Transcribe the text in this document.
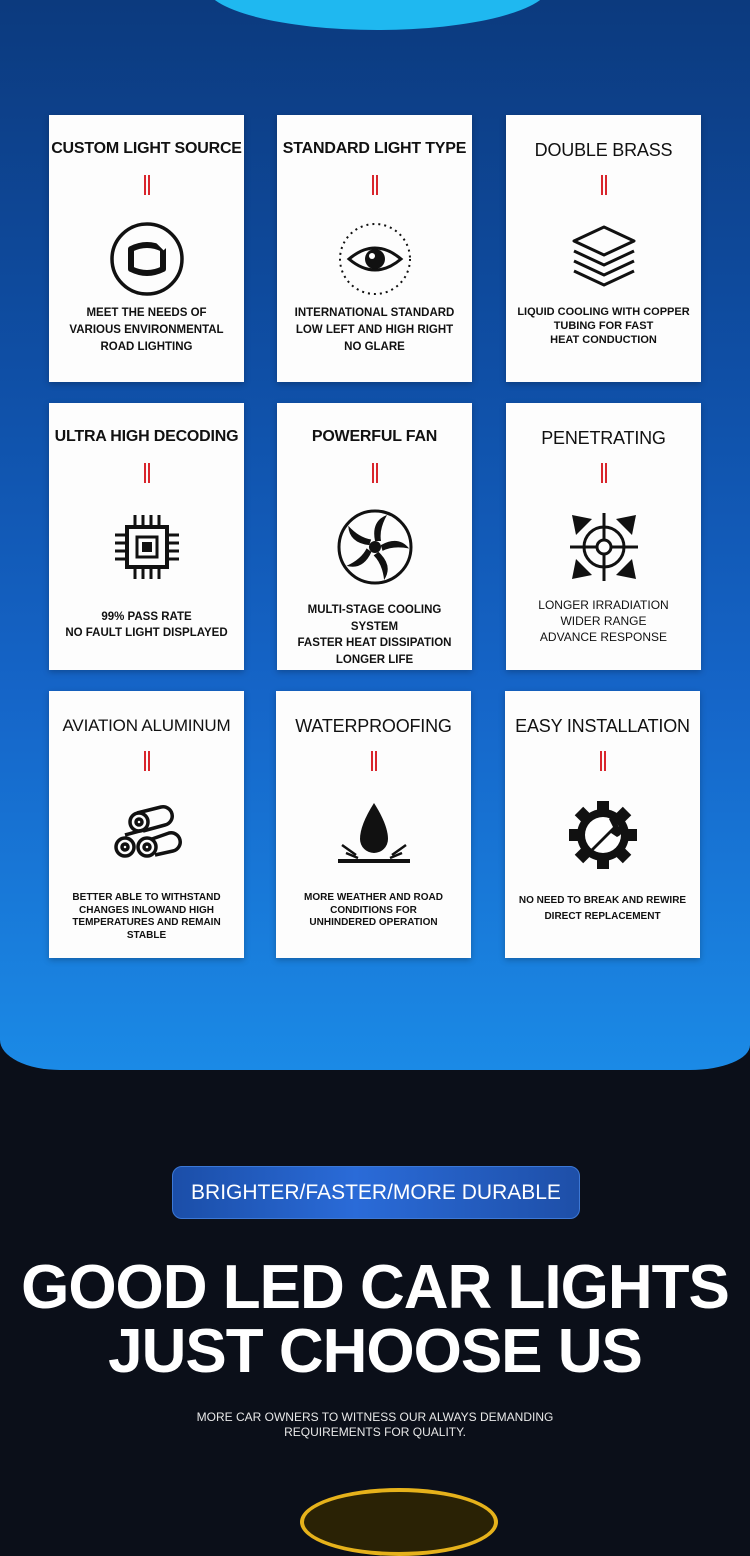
CUSTOM LIGHT SOURCE
MEET THE NEEDS OF
VARIOUS ENVIRONMENTAL
ROAD LIGHTING
STANDARD LIGHT TYPE
INTERNATIONAL STANDARD
LOW LEFT AND HIGH RIGHT
NO GLARE
DOUBLE BRASS
LIQUID COOLING WITH COPPER
TUBING FOR FAST
HEAT CONDUCTION
ULTRA HIGH DECODING
99% PASS RATE
NO FAULT LIGHT DISPLAYED
POWERFUL FAN
MULTI-STAGE COOLING SYSTEM
FASTER HEAT DISSIPATION
LONGER LIFE
PENETRATING
LONGER IRRADIATION
WIDER RANGE
ADVANCE RESPONSE
AVIATION ALUMINUM
BETTER ABLE TO WITHSTAND
CHANGES INLOWAND HIGH
TEMPERATURES AND REMAIN STABLE
WATERPROOFING
MORE WEATHER AND ROAD
CONDITIONS FOR
UNHINDERED OPERATION
EASY INSTALLATION
NO NEED TO BREAK AND REWIRE
DIRECT REPLACEMENT
BRIGHTER/FASTER/MORE DURABLE
GOOD LED CAR LIGHTS
JUST CHOOSE US
MORE CAR OWNERS TO WITNESS OUR ALWAYS DEMANDING
REQUIREMENTS FOR QUALITY.
